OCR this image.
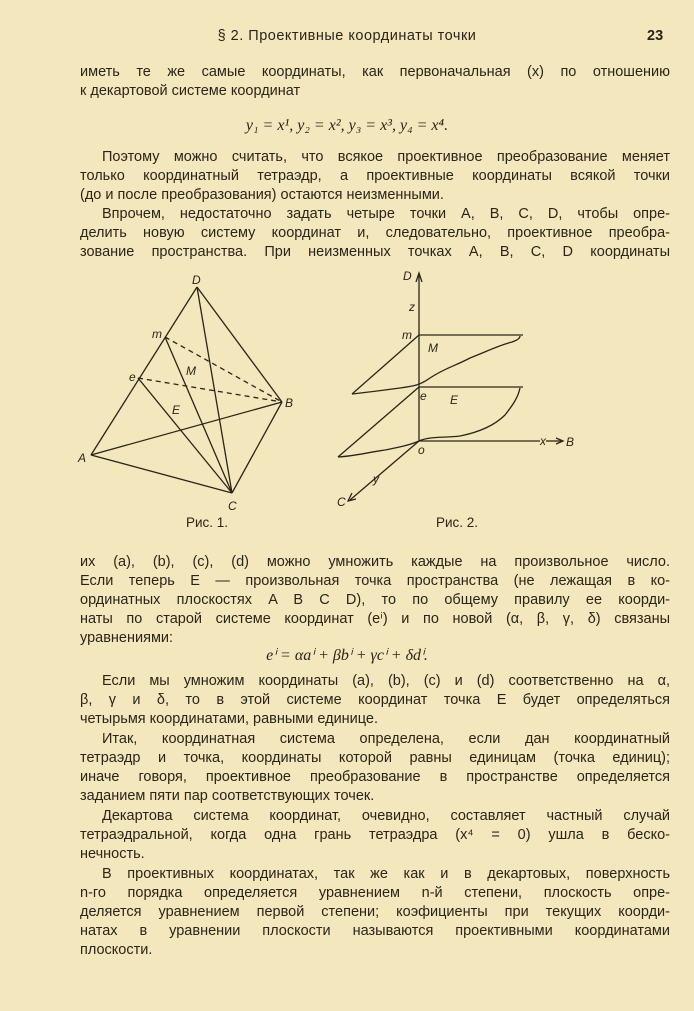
§ 2. Проективные координаты точки	23
иметь те же самые координаты, как первоначальная (x) по отношению
к декартовой системе координат
y₁ = x¹, y₂ = x², y₃ = x³, y₄ = x⁴.
Поэтому можно считать, что всякое проективное преобразование меняет
только координатный тетраэдр, а проективные координаты всякой точки
(до и после преобразования) остаются неизменными.
Впрочем, недостаточно задать четыре точки A, B, C, D, чтобы опре-
делить новую систему координат и, следовательно, проективное преобра-
зование пространства. При неизменных точках A, B, C, D координаты
D
m
e
B
A
C
M
E
D
z
m
M
e E
o
x B
y
C
Рис. 1.	Рис. 2.
их (a), (b), (c), (d) можно умножить каждые на произвольное число.
Если теперь E — произвольная точка пространства (не лежащая в ко-
ординатных плоскостях A B C D), то по общему правилу ее коорди-
наты по старой системе координат (eⁱ) и по новой (α, β, γ, δ) связаны
уравнениями:
eⁱ = αaⁱ + βbⁱ + γcⁱ + δdⁱ.
Если мы умножим координаты (a), (b), (c) и (d) соответственно на α,
β, γ и δ, то в этой системе координат точка E будет определяться
четырьмя координатами, равными единице.
Итак, координатная система определена, если дан координатный
тетраэдр и точка, координаты которой равны единицам (точка единиц);
иначе говоря, проективное преобразование в пространстве определяется
заданием пяти пар соответствующих точек.
Декартова система координат, очевидно, составляет частный случай
тетраэдральной, когда одна грань тетраэдра (x⁴ = 0) ушла в беско-
нечность.
В проективных координатах, так же как и в декартовых, поверхность
n-го порядка определяется уравнением n-й степени, плоскость опре-
деляется уравнением первой степени; коэфициенты при текущих коорди-
натах в уравнении плоскости называются проективными координатами
плоскости.
